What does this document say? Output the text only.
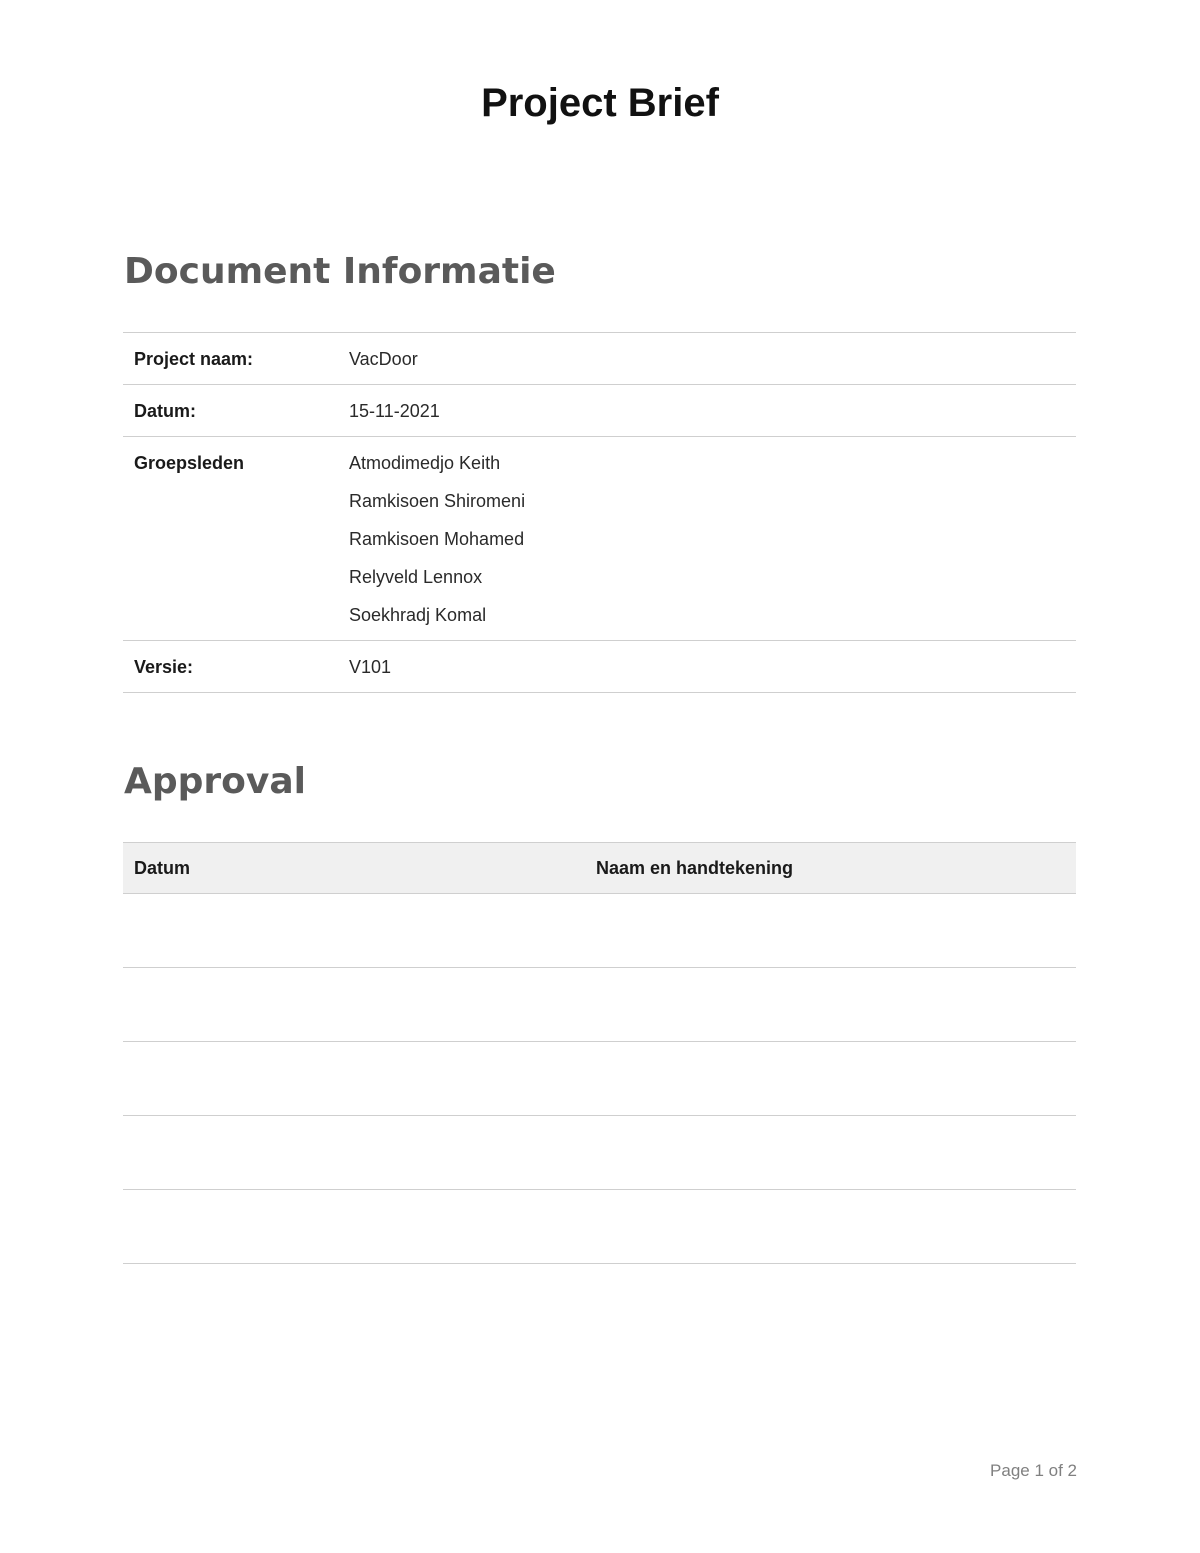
Project Brief
Document Informatie
Project naam:	VacDoor

Datum:	15-11-2021

Groepsleden	Atmodimedjo Keith
Ramkisoen Shiromeni
Ramkisoen Mohamed
Relyveld Lennox
Soekhradj Komal

Versie:	V101
Approval
Datum	Naam en handtekening

Page 1 of 2
